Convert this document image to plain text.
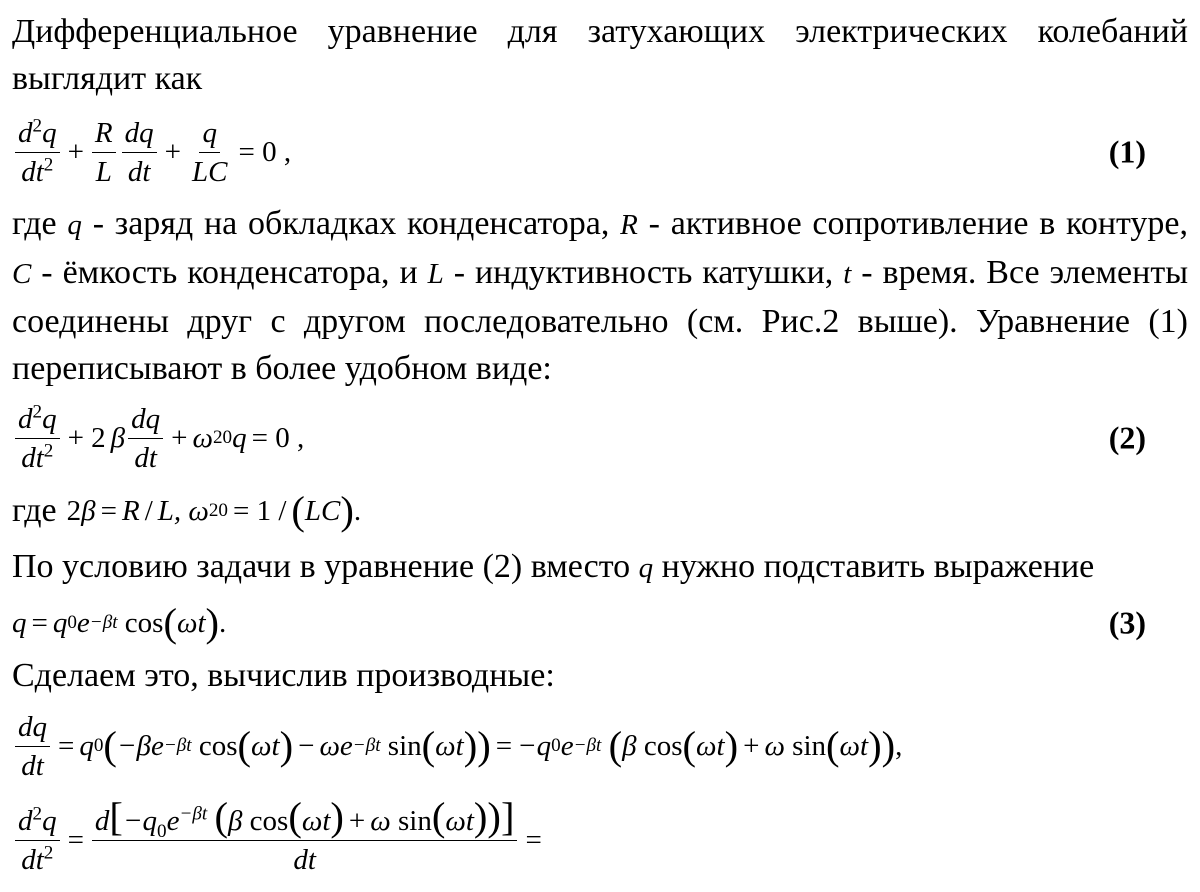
Дифференциальное уравнение для затухающих электрических колебаний выглядит как
$\frac{d^2q}{dt^2} + \frac{R}{L} \frac{dq}{dt} + \frac{q}{LC} = 0$ ,	(1)
где q - заряд на обкладках конденсатора, R - активное сопротивление в контуре, C - ёмкость конденсатора, и L - индуктивность катушки, t - время. Все элементы соединены друг с другом последовательно (см. Рис.2 выше). Уравнение (1) переписывают в более удобном виде:
$\frac{d^2q}{dt^2} + 2$ β $\frac{dq}{dt} + \omega$ 2 0 q = 0 ,	(2)
где 2 β = R / L, ω 2 0 = 1 / ( LC ) .
По условию задачи в уравнение (2) вместо q нужно подставить выражение
q = q 0 e −βt cos ( ωt ) .	(3)
Сделаем это, вычислив производные:
$\frac{dq}{dt} = q$ 0 ( −βe −βt cos ( ωt ) − ωe −βt sin ( ωt )) = −q 0 e −βt
( β cos ( ωt ) + ω sin ( ωt )) ,
$\frac{d^2q}{dt^2} = \frac{d[-q_0e^{-\beta t} (\beta \cos(\omega t) + \omega \sin(\omega t))]}{dt}$ =
